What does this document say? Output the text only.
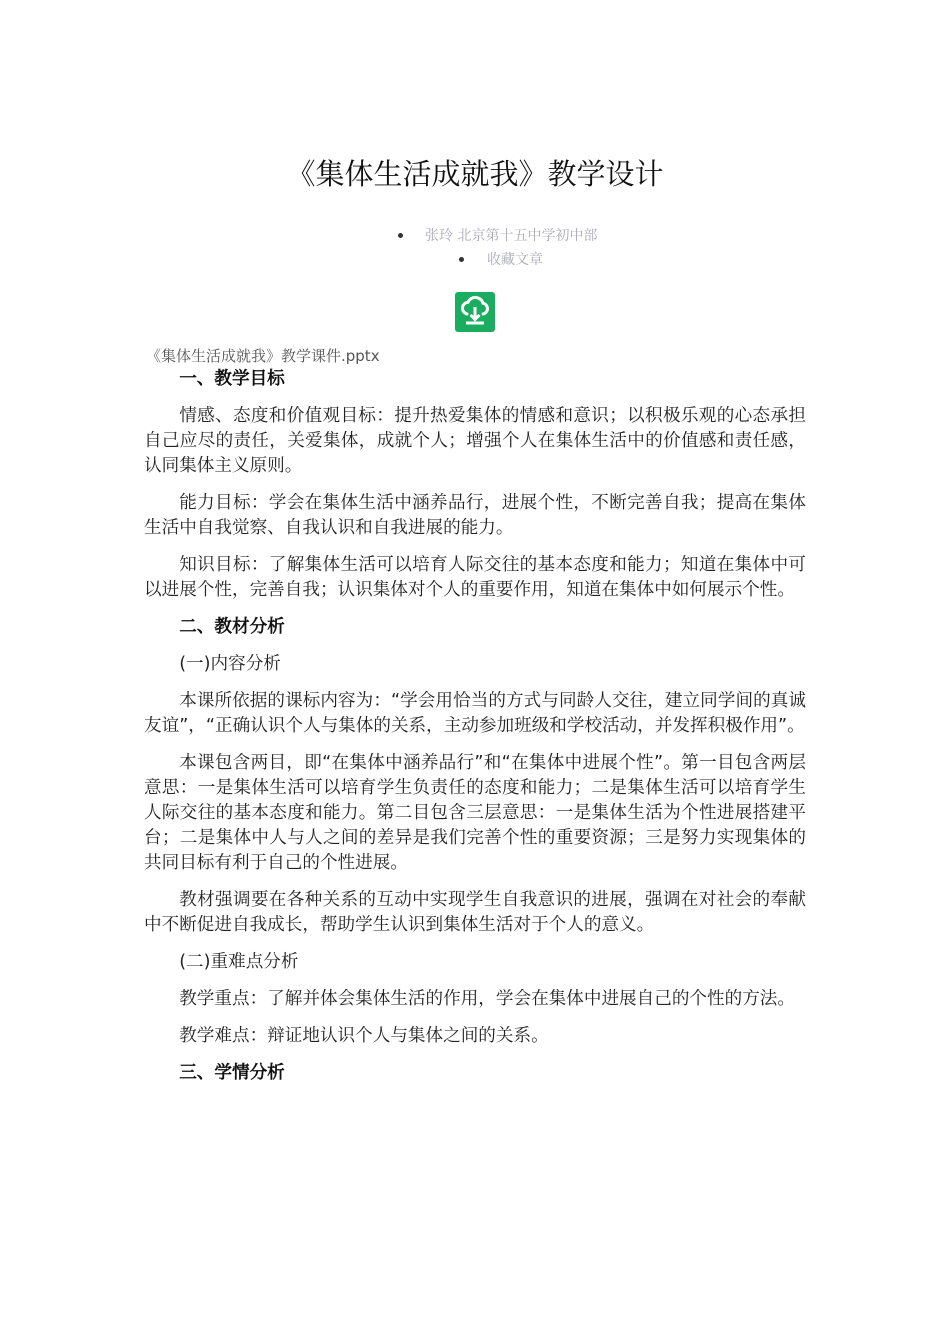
《集体生活成就我》教学设计
张玲 北京第十五中学初中部
收藏文章
《集体生活成就我》教学课件.pptx

一、教学目标

情感、态度和价值观目标：提升热爱集体的情感和意识；以积极乐观的心态承担自己应尽的责任，关爱集体，成就个人；增强个人在集体生活中的价值感和责任感，认同集体主义原则。

能力目标：学会在集体生活中涵养品行，进展个性，不断完善自我；提高在集体生活中自我觉察、自我认识和自我进展的能力。

知识目标：了解集体生活可以培育人际交往的基本态度和能力；知道在集体中可以进展个性，完善自我；认识集体对个人的重要作用，知道在集体中如何展示个性。

二、教材分析

(一)内容分析

本课所依据的课标内容为：“学会用恰当的方式与同龄人交往，建立同学间的真诚友谊”，“正确认识个人与集体的关系，主动参加班级和学校活动，并发挥积极作用”。

本课包含两目，即“在集体中涵养品行”和“在集体中进展个性”。第一目包含两层意思：一是集体生活可以培育学生负责任的态度和能力；二是集体生活可以培育学生人际交往的基本态度和能力。第二目包含三层意思：一是集体生活为个性进展搭建平台；二是集体中人与人之间的差异是我们完善个性的重要资源；三是努力实现集体的共同目标有利于自己的个性进展。

教材强调要在各种关系的互动中实现学生自我意识的进展，强调在对社会的奉献中不断促进自我成长，帮助学生认识到集体生活对于个人的意义。

(二)重难点分析

教学重点：了解并体会集体生活的作用，学会在集体中进展自己的个性的方法。

教学难点：辩证地认识个人与集体之间的关系。

三、学情分析
